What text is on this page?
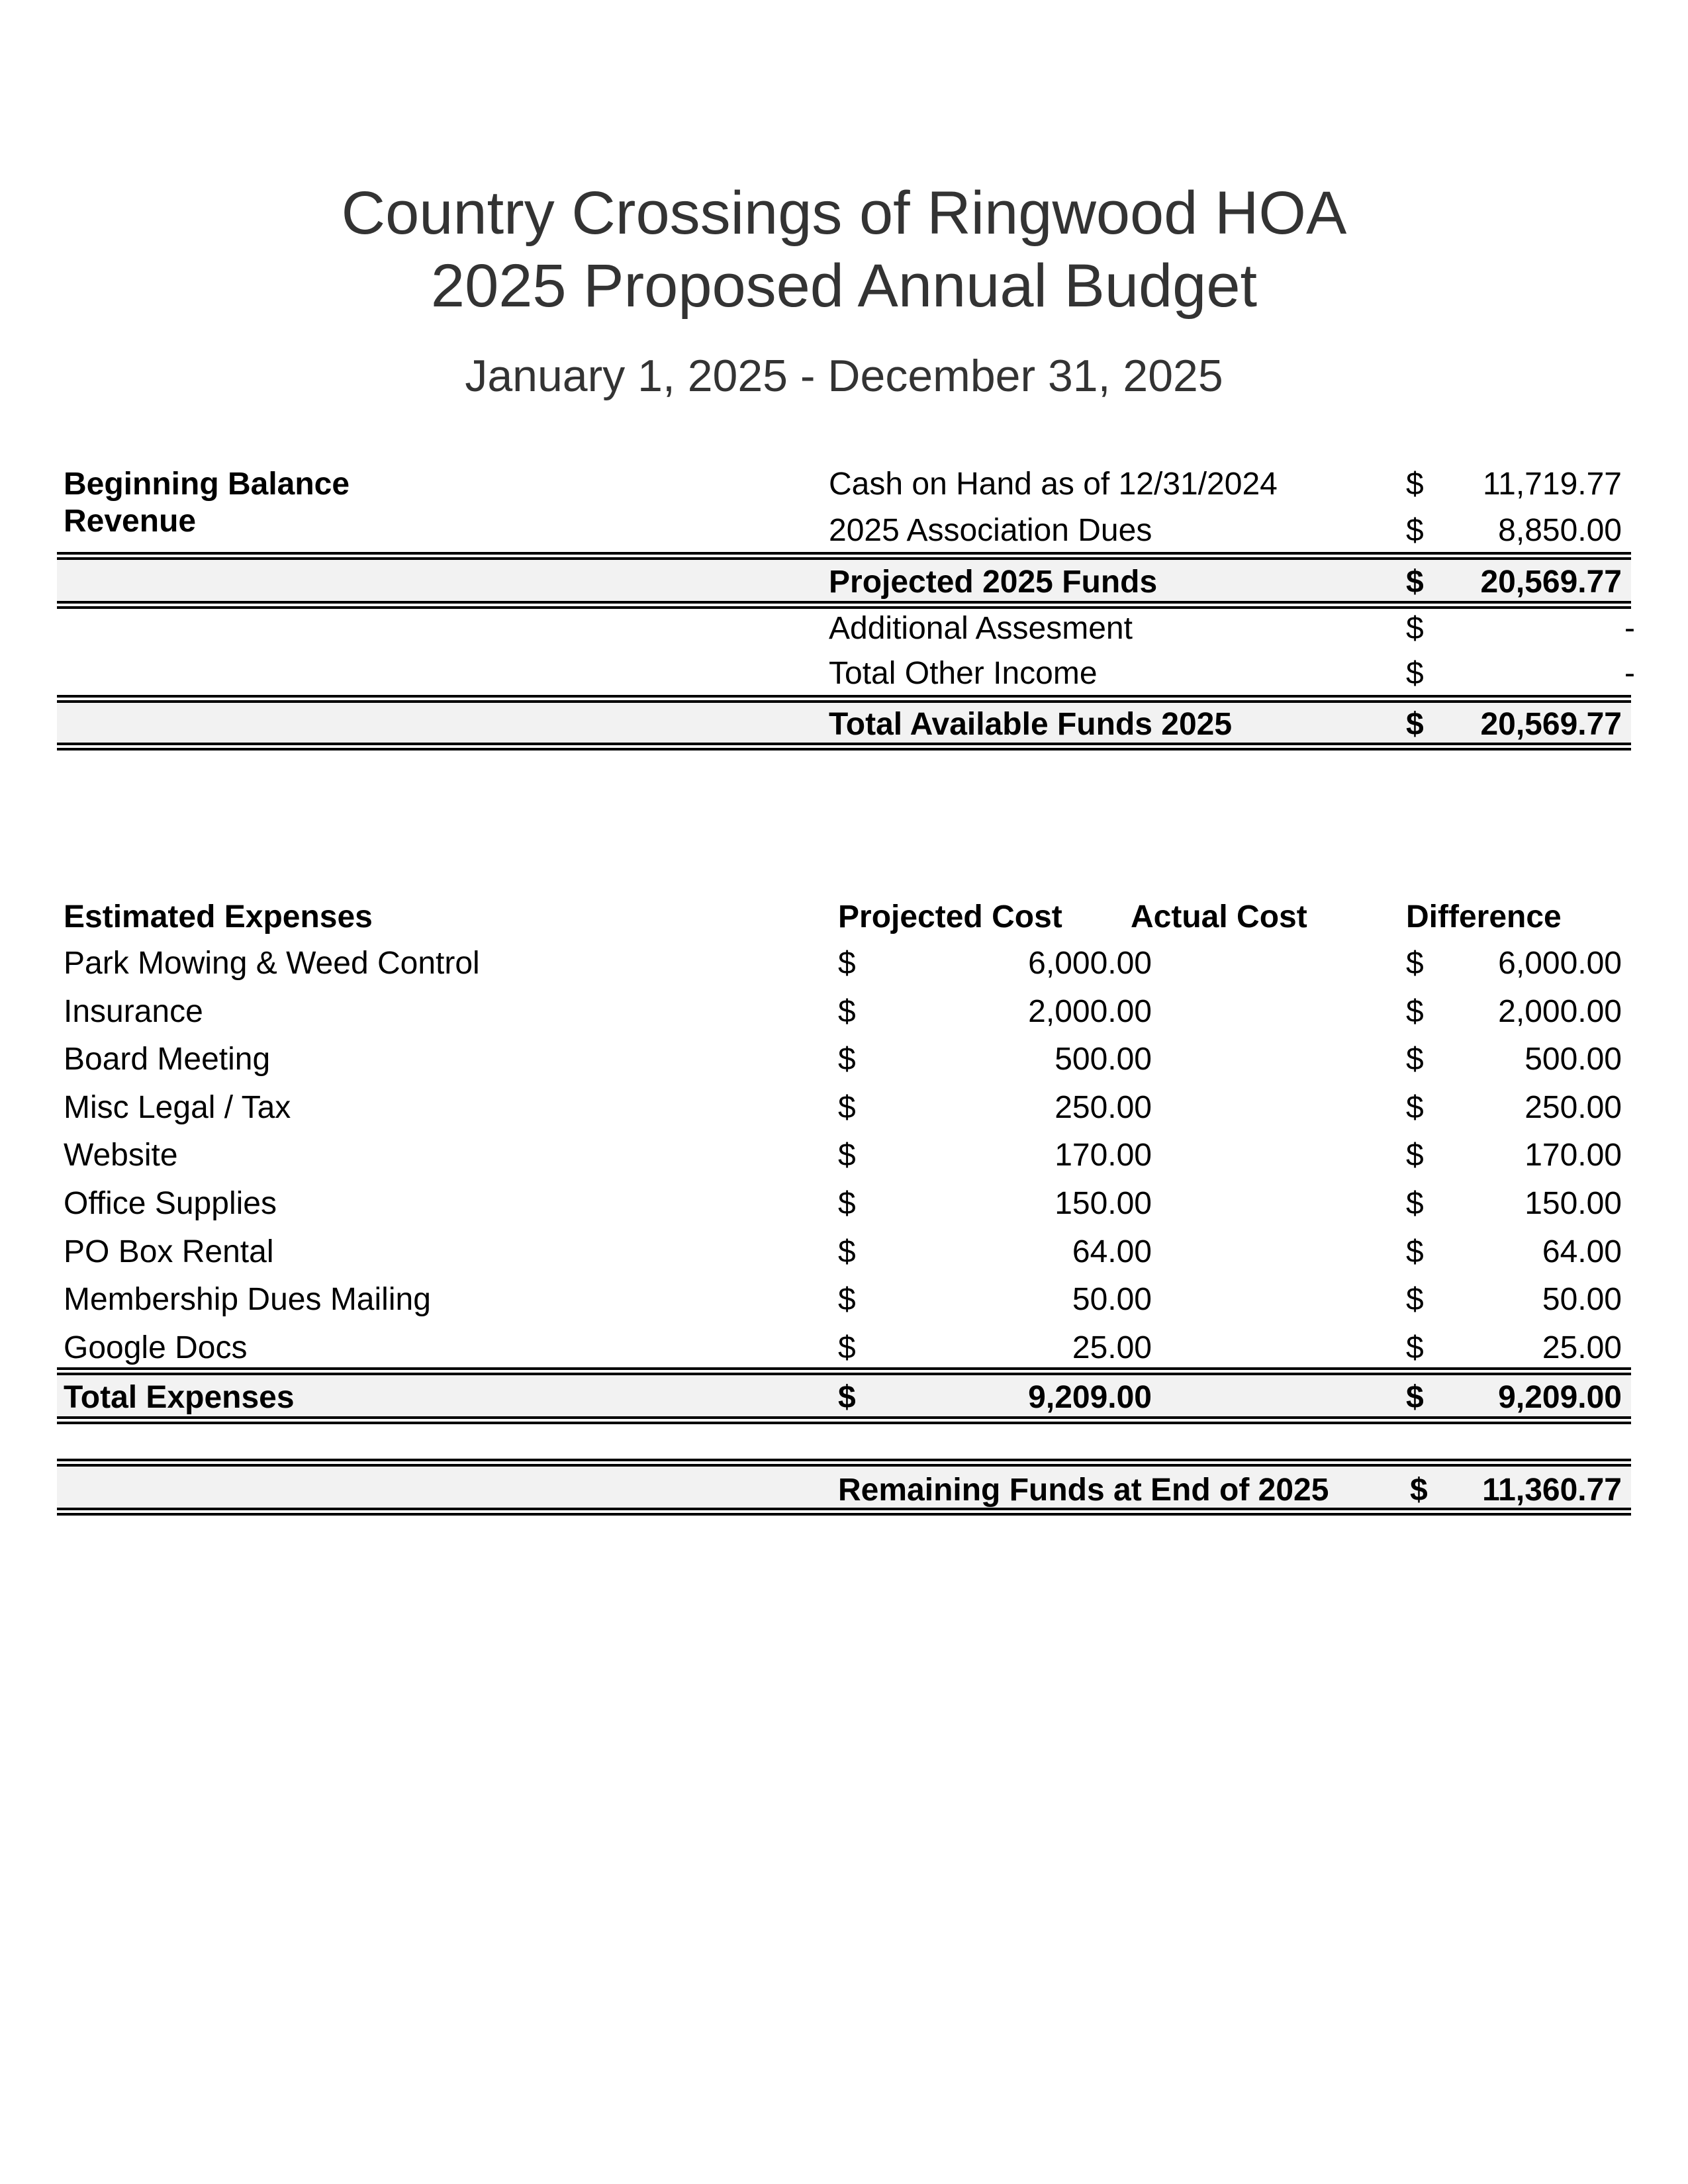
Country Crossings of Ringwood HOA
2025 Proposed Annual Budget
January 1, 2025 - December 31, 2025
Beginning Balance	Cash on Hand as of 12/31/2024	$	11,719.77
Revenue	2025 Association Dues	$	8,850.00
Projected 2025 Funds	$	20,569.77
Additional Assesment	$	-
Total Other Income	$	-
Total Available Funds 2025	$	20,569.77
Estimated Expenses	Projected Cost Actual Cost	Difference
Park Mowing & Weed Control	$	6,000.00	$	6,000.00
Insurance	$	2,000.00	$	2,000.00
Board Meeting	$	500.00	$	500.00
Misc Legal / Tax	$	250.00	$	250.00
Website	$	170.00	$	170.00
Office Supplies	$	150.00	$	150.00
PO Box Rental	$	64.00	$	64.00
Membership Dues Mailing	$	50.00	$	50.00
Google Docs	$	25.00	$	25.00
Total Expenses	$	9,209.00	$	9,209.00
Remaining Funds at End of 2025	$	11,360.77
